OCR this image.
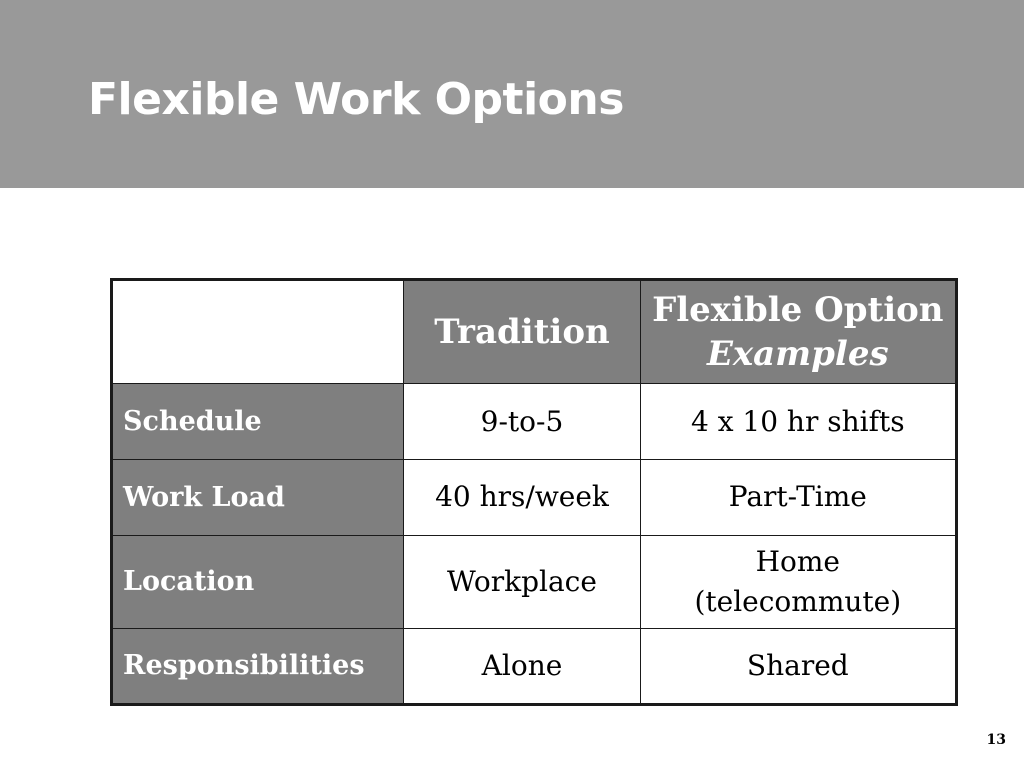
Flexible Work Options
	Tradition	Flexible Option
Examples

Schedule	9-to-5	4 x 10 hr shifts
Work Load	40 hrs/week	Part-Time
Location	Workplace	Home
(telecommute)

Responsibilities	Alone	Shared
13
